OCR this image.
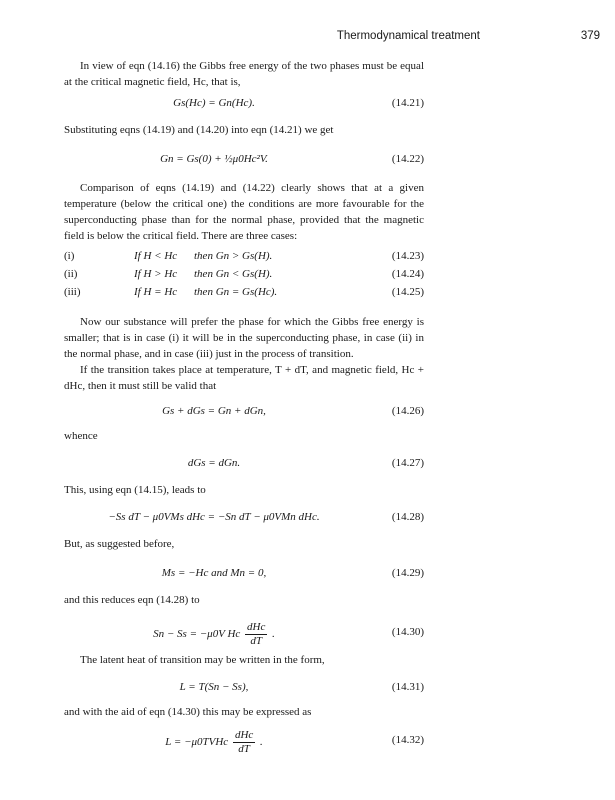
Thermodynamical treatment	379

In view of eqn (14.16) the Gibbs free energy of the two phases must be equal at the critical magnetic field, Hc, that is,

Gs(Hc) = Gn(Hc).	(14.21)
Substituting eqns (14.19) and (14.20) into eqn (14.21) we get
Gn = Gs(0) + ½μ0Hc²V.	(14.22)

Comparison of eqns (14.19) and (14.22) clearly shows that at a given temperature (below the critical one) the conditions are more favourable for the superconducting phase than for the normal phase, provided that the magnetic field is below the critical field. There are three cases:

(i)	If H < Hc then Gn > Gs(H).	(14.23)
(ii)	If H > Hc then Gn < Gs(H).	(14.24)
(iii)	If H = Hc then Gn = Gs(Hc).	(14.25)

Now our substance will prefer the phase for which the Gibbs free energy is smaller; that is in case (i) it will be in the superconducting phase, in case (ii) in the normal phase, and in case (iii) just in the process of transition.

If the transition takes place at temperature, T + dT, and magnetic field, Hc + dHc, then it must still be valid that

Gs + dGs = Gn + dGn,	(14.26)
whence
dGs = dGn.	(14.27)
This, using eqn (14.15), leads to
−Ss dT − μ0VMs dHc = −Sn dT − μ0VMn dHc.	(14.28)
But, as suggested before,
Ms = −Hc and Mn = 0,	(14.29)
and this reduces eqn (14.28) to
Sn − Ss = −μ0V Hc $\frac{\text{dHc}}{dT}$ .	(14.30)

The latent heat of transition may be written in the form,

L = T(Sn − Ss),	(14.31)
and with the aid of eqn (14.30) this may be expressed as
L = −μ0TVHc $\frac{\text{dHc}}{dT}$ .	(14.32)
